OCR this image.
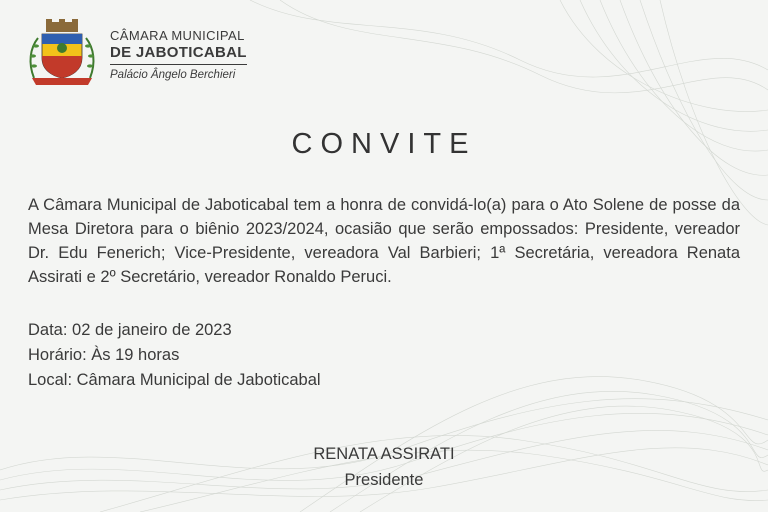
CÂMARA MUNICIPAL
DE JABOTICABAL
Palácio Ângelo Berchieri
CONVITE
A Câmara Municipal de Jaboticabal tem a honra de convidá-lo(a) para o Ato Solene de posse da Mesa Diretora para o biênio 2023/2024, ocasião que serão empossados: Presidente, vereador Dr. Edu Fenerich; Vice-Presidente, vereadora Val Barbieri; 1ª Secretária, vereadora Renata Assirati e 2º Secretário, vereador Ronaldo Peruci.
Data: 02 de janeiro de 2023
Horário: Às 19 horas
Local: Câmara Municipal de Jaboticabal
RENATA ASSIRATI
Presidente
